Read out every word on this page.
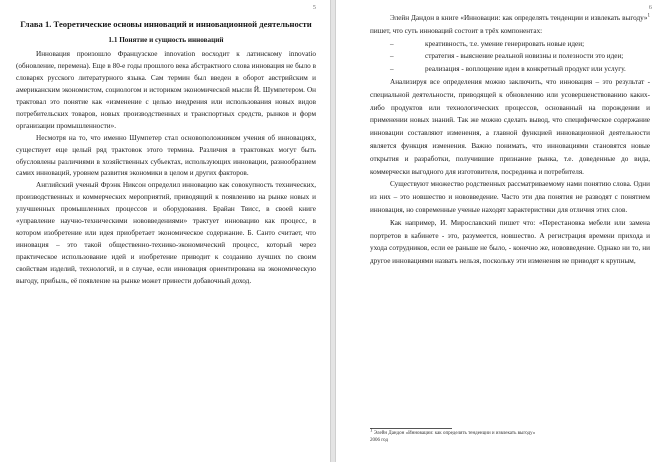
5
Глава 1. Теоретические основы инноваций и инновационной деятельности
1.1 Понятие и сущность инноваций

Инновация произошло Французское innovation восходит к латинскому innovatio (обновление, перемена). Еще в 80-е годы прошлого века абстрактного слова инновация не было в словарях русского литературного языка. Сам термин был введен в оборот австрийским и американским экономистом, социологом и историком экономической мысли Й. Шумпетером. Он трактовал это понятие как «изменение с целью внедрения или использования новых видов потребительских товаров, новых производственных и транспортных средств, рынков и форм организации промышленности».

Несмотря на то, что именно Шумпетер стал основоположником учения об инновациях, существует еще целый ряд трактовок этого термина. Различия в трактовках могут быть обусловлены различиями в хозяйственных субъектах, использующих инновации, разнообразием самих инноваций, уровнем развития экономики в целом и других факторов.

Английский ученый Фрэнк Никсон определил инновацию как совокупность технических, производственных и коммерческих мероприятий, приводящий к появлению на рынке новых и улучшенных промышленных процессов и оборудования. Брайан Твисс, в своей книге «управление научно-техническими нововведениями» трактует инновацию как процесс, в котором изобретение или идея приобретает экономическое содержание. Б. Санто считает, что инновация – это такой общественно-технико-экономический процесс, который через практическое использование идей и изобретение приводит к созданию лучших по своим свойствам изделий, технологий, и в случае, если инновация ориентирована на экономическую выгоду, прибыль, её появление на рынке может принести добавочный доход.

6

Элейн Дандон в книге «Инновации: как определять тенденции и извлекать выгоду»$^1$ пишет, что суть инноваций состоит в трёх компонентах:

–	креативность, т.е. умение генерировать новые идеи;
–	стратегия - выяснение реальной новизны и полезности это идеи;
–	реализация - воплощение идеи в конкретный продукт или услугу.

Анализируя все определения можно заключить, что инновация – это результат - специальной деятельности, приводящей к обновлению или усовершенствованию каких-либо продуктов или технологических процессов, основанный на порождении и применении новых знаний. Так же можно сделать вывод, что специфическое содержание инновации составляют изменения, а главной функцией инновационной деятельности является функция изменения. Важно понимать, что инновациями становятся новые открытия и разработки, получившие признание рынка, т.е. доведенные до вида, коммерчески выгодного для изготовителя, посредника и потребителя.

Существуют множество родственных рассматриваемому нами понятию слова. Одни из них – это новшество и нововведение. Часто эти два понятия не разводят с понятием инновация, но современные ученые находят характеристики для отличия этих слов.

Как например, И. Мирославский пишет что: «Перестановка мебели или замена портретов в кабинете - это, разумеется, новшество. А регистрация времени прихода и ухода сотрудников, если ее раньше не было, - конечно же, нововведение. Однако ни то, ни другое инновациями назвать нельзя, поскольку эти изменения не приводят к крупным,

$^1$ Элейн Дандон «Инновации: как определять тенденции и извлекать выгоду»
2006 год
